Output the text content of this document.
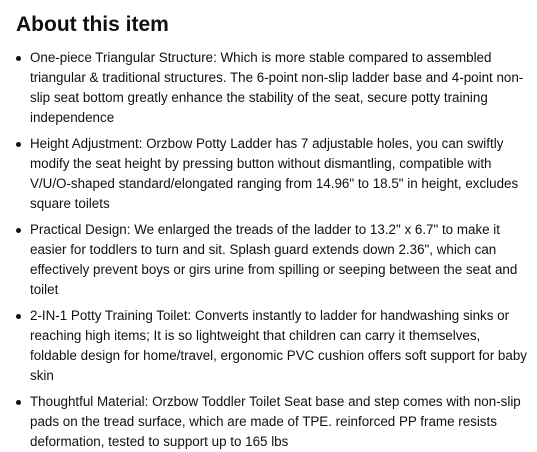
About this item
One-piece Triangular Structure: Which is more stable compared to assembled triangular & traditional structures. The 6-point non-slip ladder base and 4-point non-slip seat bottom greatly enhance the stability of the seat, secure potty training independence
Height Adjustment: Orzbow Potty Ladder has 7 adjustable holes, you can swiftly modify the seat height by pressing button without dismantling, compatible with V/U/O-shaped standard/elongated ranging from 14.96" to 18.5" in height, excludes square toilets
Practical Design: We enlarged the treads of the ladder to 13.2" x 6.7" to make it easier for toddlers to turn and sit. Splash guard extends down 2.36", which can effectively prevent boys or girs urine from spilling or seeping between the seat and toilet
2-IN-1 Potty Training Toilet: Converts instantly to ladder for handwashing sinks or reaching high items; It is so lightweight that children can carry it themselves, foldable design for home/travel, ergonomic PVC cushion offers soft support for baby skin
Thoughtful Material: Orzbow Toddler Toilet Seat base and step comes with non-slip pads on the tread surface, which are made of TPE. reinforced PP frame resists deformation, tested to support up to 165 lbs
